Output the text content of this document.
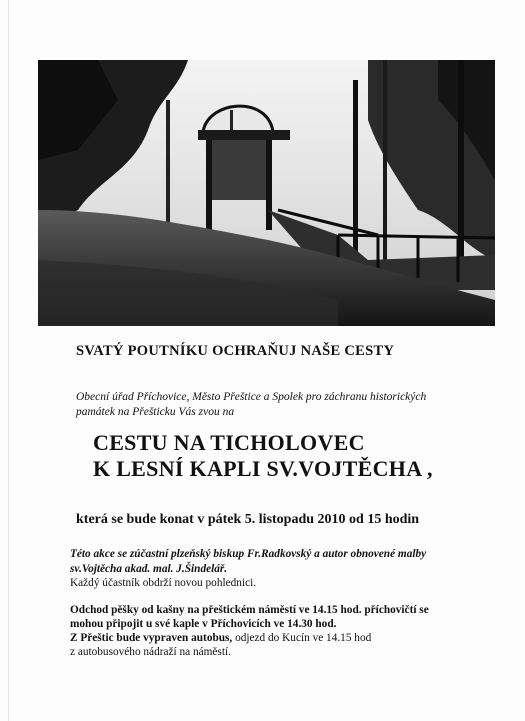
SVATÝ POUTNÍKU OCHRAŇUJ NAŠE CESTY
Obecní úřad Příchovice, Město Přeštice a Spolek pro záchranu historických
památek na Přešticku Vás zvou na
CESTU NA TICHOLOVEC
K LESNÍ KAPLI SV.VOJTĚCHA ,
která se bude konat v pátek 5. listopadu 2010 od 15 hodin
Této akce se zúčastní plzeňský biskup Fr.Radkovský a autor obnovené malby
sv.Vojtěcha akad. mal. J.Šindelář.
Každý účastník obdrží novou pohlednici.
Odchod pěšky od kašny na přeštickém náměstí ve 14.15 hod. příchovičtí se
mohou připojit u své kaple v Příchovicích ve 14.30 hod.
Z Přeštic bude vypraven autobus, odjezd do Kucín ve 14.15 hod
z autobusového nádraží na náměstí.
